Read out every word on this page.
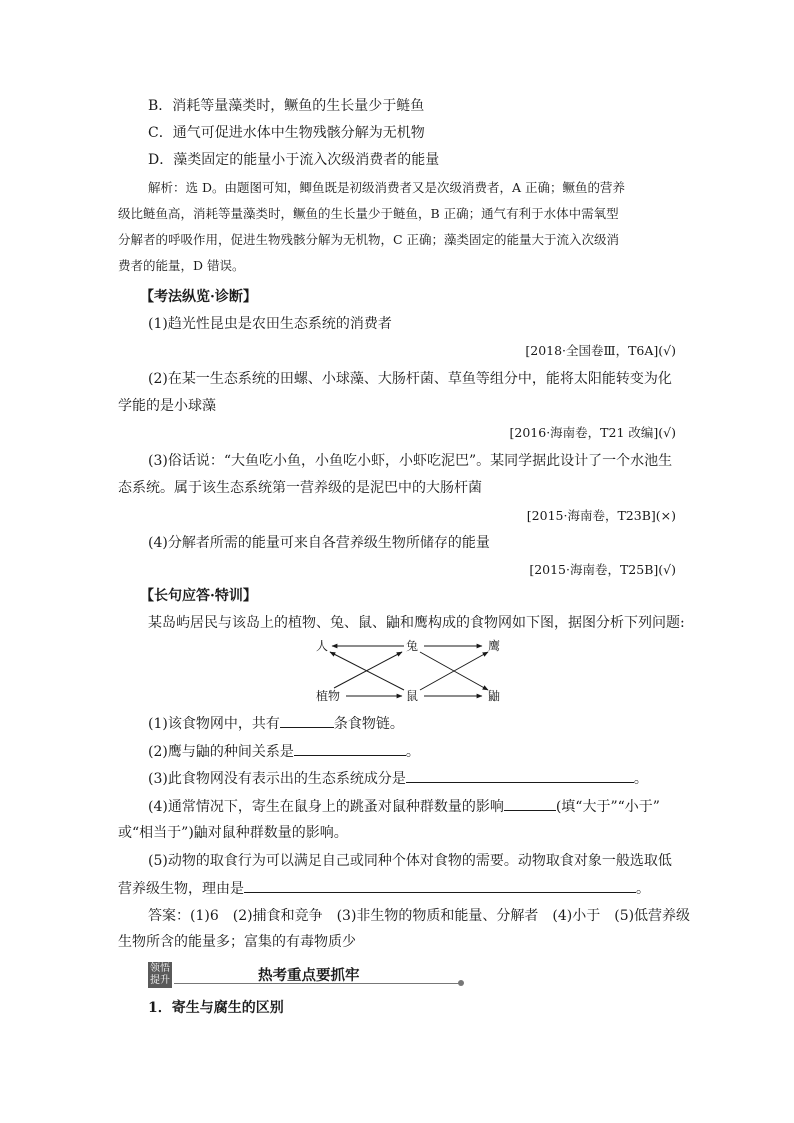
B．消耗等量藻类时，鳜鱼的生长量少于鲢鱼
C．通气可促进水体中生物残骸分解为无机物
D．藻类固定的能量小于流入次级消费者的能量
解析：选 D。由题图可知，鲫鱼既是初级消费者又是次级消费者，A 正确；鳜鱼的营养
级比鲢鱼高，消耗等量藻类时，鳜鱼的生长量少于鲢鱼，B 正确；通气有利于水体中需氧型
分解者的呼吸作用，促进生物残骸分解为无机物，C 正确；藻类固定的能量大于流入次级消
费者的能量，D 错误。
【考法纵览·诊断】
(1)趋光性昆虫是农田生态系统的消费者
[2018·全国卷Ⅲ，T6A](√)
(2)在某一生态系统的田螺、小球藻、大肠杆菌、草鱼等组分中，能将太阳能转变为化
学能的是小球藻
[2016·海南卷，T21 改编](√)
(3)俗话说：“大鱼吃小鱼，小鱼吃小虾，小虾吃泥巴”。某同学据此设计了一个水池生
态系统。属于该生态系统第一营养级的是泥巴中的大肠杆菌
[2015·海南卷，T23B](×)
(4)分解者所需的能量可来自各营养级生物所储存的能量
[2015·海南卷，T25B](√)
【长句应答·特训】
某岛屿居民与该岛上的植物、兔、鼠、鼬和鹰构成的食物网如下图，据图分析下列问题:
人	兔	鹰
植物	鼠	鼬
(1)该食物网中，共有	条食物链。
(2)鹰与鼬的种间关系是	。
(3)此食物网没有表示出的生态系统成分是	。
(4)通常情况下，寄生在鼠身上的跳蚤对鼠种群数量的影响	(填“大于”“小于”
或“相当于”)鼬对鼠种群数量的影响。
(5)动物的取食行为可以满足自己或同种个体对食物的需要。动物取食对象一般选取低
营养级生物，理由是	。
答案：(1)6　(2)捕食和竞争　(3)非生物的物质和能量、分解者　(4)小于　(5)低营养级
生物所含的能量多；富集的有毒物质少
领悟
提升	热考重点要抓牢
1．寄生与腐生的区别
